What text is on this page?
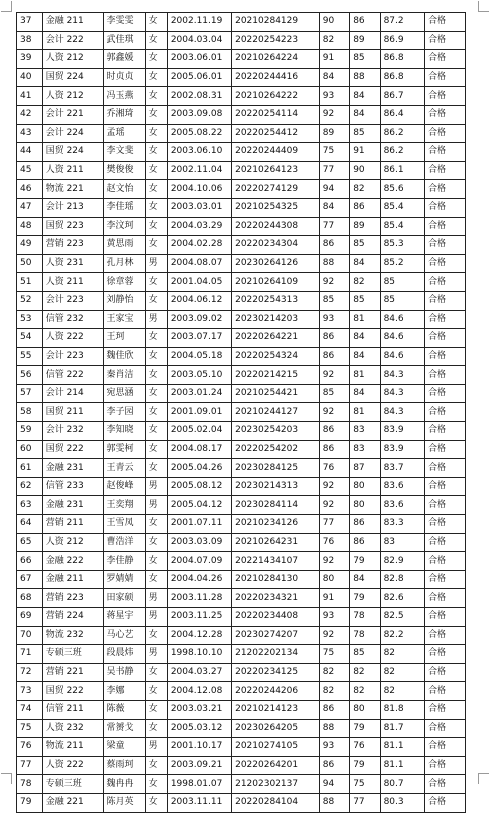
37	金融 211	李雯雯	女	2002.11.19	20210284129	90	86	87.2	合格
38	会计 222	武佳琪	女	2004.03.04	20220254223	82	89	86.9	合格
39	人资 212	郭鑫媛	女	2003.06.01	20210264224	91	85	86.8	合格
40	国贸 224	时贞贞	女	2005.06.01	20220244416	84	88	86.8	合格
41	人资 212	冯玉燕	女	2002.08.31	20210264222	93	84	86.7	合格
42	会计 221	乔湘琦	女	2003.09.08	20220254114	92	84	86.4	合格
43	会计 224	孟瑶	女	2005.08.22	20220254412	89	85	86.2	合格
44	国贸 224	李文斐	女	2003.06.10	20220244409	75	91	86.2	合格
45	人资 211	樊俊俊	女	2002.11.04	20210264123	77	90	86.1	合格
46	物流 221	赵文怡	女	2004.10.06	20220274129	94	82	85.6	合格
47	会计 213	李佳瑶	女	2003.03.01	20210254325	84	86	85.4	合格
48	国贸 223	李汶珂	女	2004.03.29	20220244308	77	89	85.4	合格
49	营销 223	黄思雨	女	2004.02.28	20220234304	86	85	85.3	合格
50	人资 231	孔月林	男	2004.08.07	20230264126	88	84	85.2	合格
51	人资 211	徐章蓉	女	2001.04.05	20210264109	92	82	85	合格
52	会计 223	刘静怡	女	2004.06.12	20220254313	85	85	85	合格
53	信管 232	王家宝	男	2003.09.02	20230214203	93	81	84.6	合格
54	人资 222	王珂	女	2003.07.17	20220264221	86	84	84.6	合格
55	会计 223	魏佳欣	女	2004.05.18	20220254324	86	84	84.6	合格
56	信管 222	秦肖洁	女	2003.05.10	20220214215	92	81	84.3	合格
57	会计 214	宛思涵	女	2003.01.24	20210254421	85	84	84.3	合格
58	国贸 211	李子园	女	2001.09.01	20210244127	92	81	84.3	合格
59	会计 232	李知晓	女	2005.02.04	20230254203	86	83	83.9	合格
60	国贸 222	郭雯柯	女	2004.08.17	20220254202	86	83	83.9	合格
61	金融 231	王青云	女	2005.04.26	20230284125	76	87	83.7	合格
62	信管 233	赵俊峰	男	2005.08.12	20230214313	92	80	83.6	合格
63	金融 231	王奕翔	男	2005.04.12	20230284114	92	80	83.6	合格
64	营销 211	王雪凤	女	2001.07.11	20210234126	77	86	83.3	合格
65	人资 212	曹浩洋	女	2003.03.09	20210264231	76	86	83	合格
66	金融 222	李佳静	女	2004.07.09	20221434107	92	79	82.9	合格
67	金融 211	罗婧婧	女	2004.04.26	20210284130	80	84	82.8	合格
68	营销 223	田家硕	男	2003.11.28	20220234321	91	79	82.6	合格
69	营销 224	蒋星宇	男	2003.11.25	20220234408	93	78	82.5	合格
70	物流 232	马心艺	女	2004.12.28	20230274207	92	78	82.2	合格
71	专硕三班	段晨炜	男	1998.10.10	21202202134	75	85	82	合格
72	营销 221	吴书静	女	2004.03.27	20220234125	82	82	82	合格
73	国贸 222	李娜	女	2004.12.08	20220244206	82	82	82	合格
74	信管 211	陈薇	女	2003.03.21	20210214123	86	80	81.8	合格
75	人资 232	常赟戈	女	2005.03.12	20230264205	88	79	81.7	合格
76	物流 211	梁童	男	2001.10.17	20210274105	93	76	81.1	合格
77	人资 222	蔡雨珂	女	2003.09.21	20220264201	86	79	81.1	合格
78	专硕三班	魏冉冉	女	1998.01.07	21202302137	94	75	80.7	合格
79	金融 221	陈月英	女	2003.11.11	20220284104	88	77	80.3	合格
